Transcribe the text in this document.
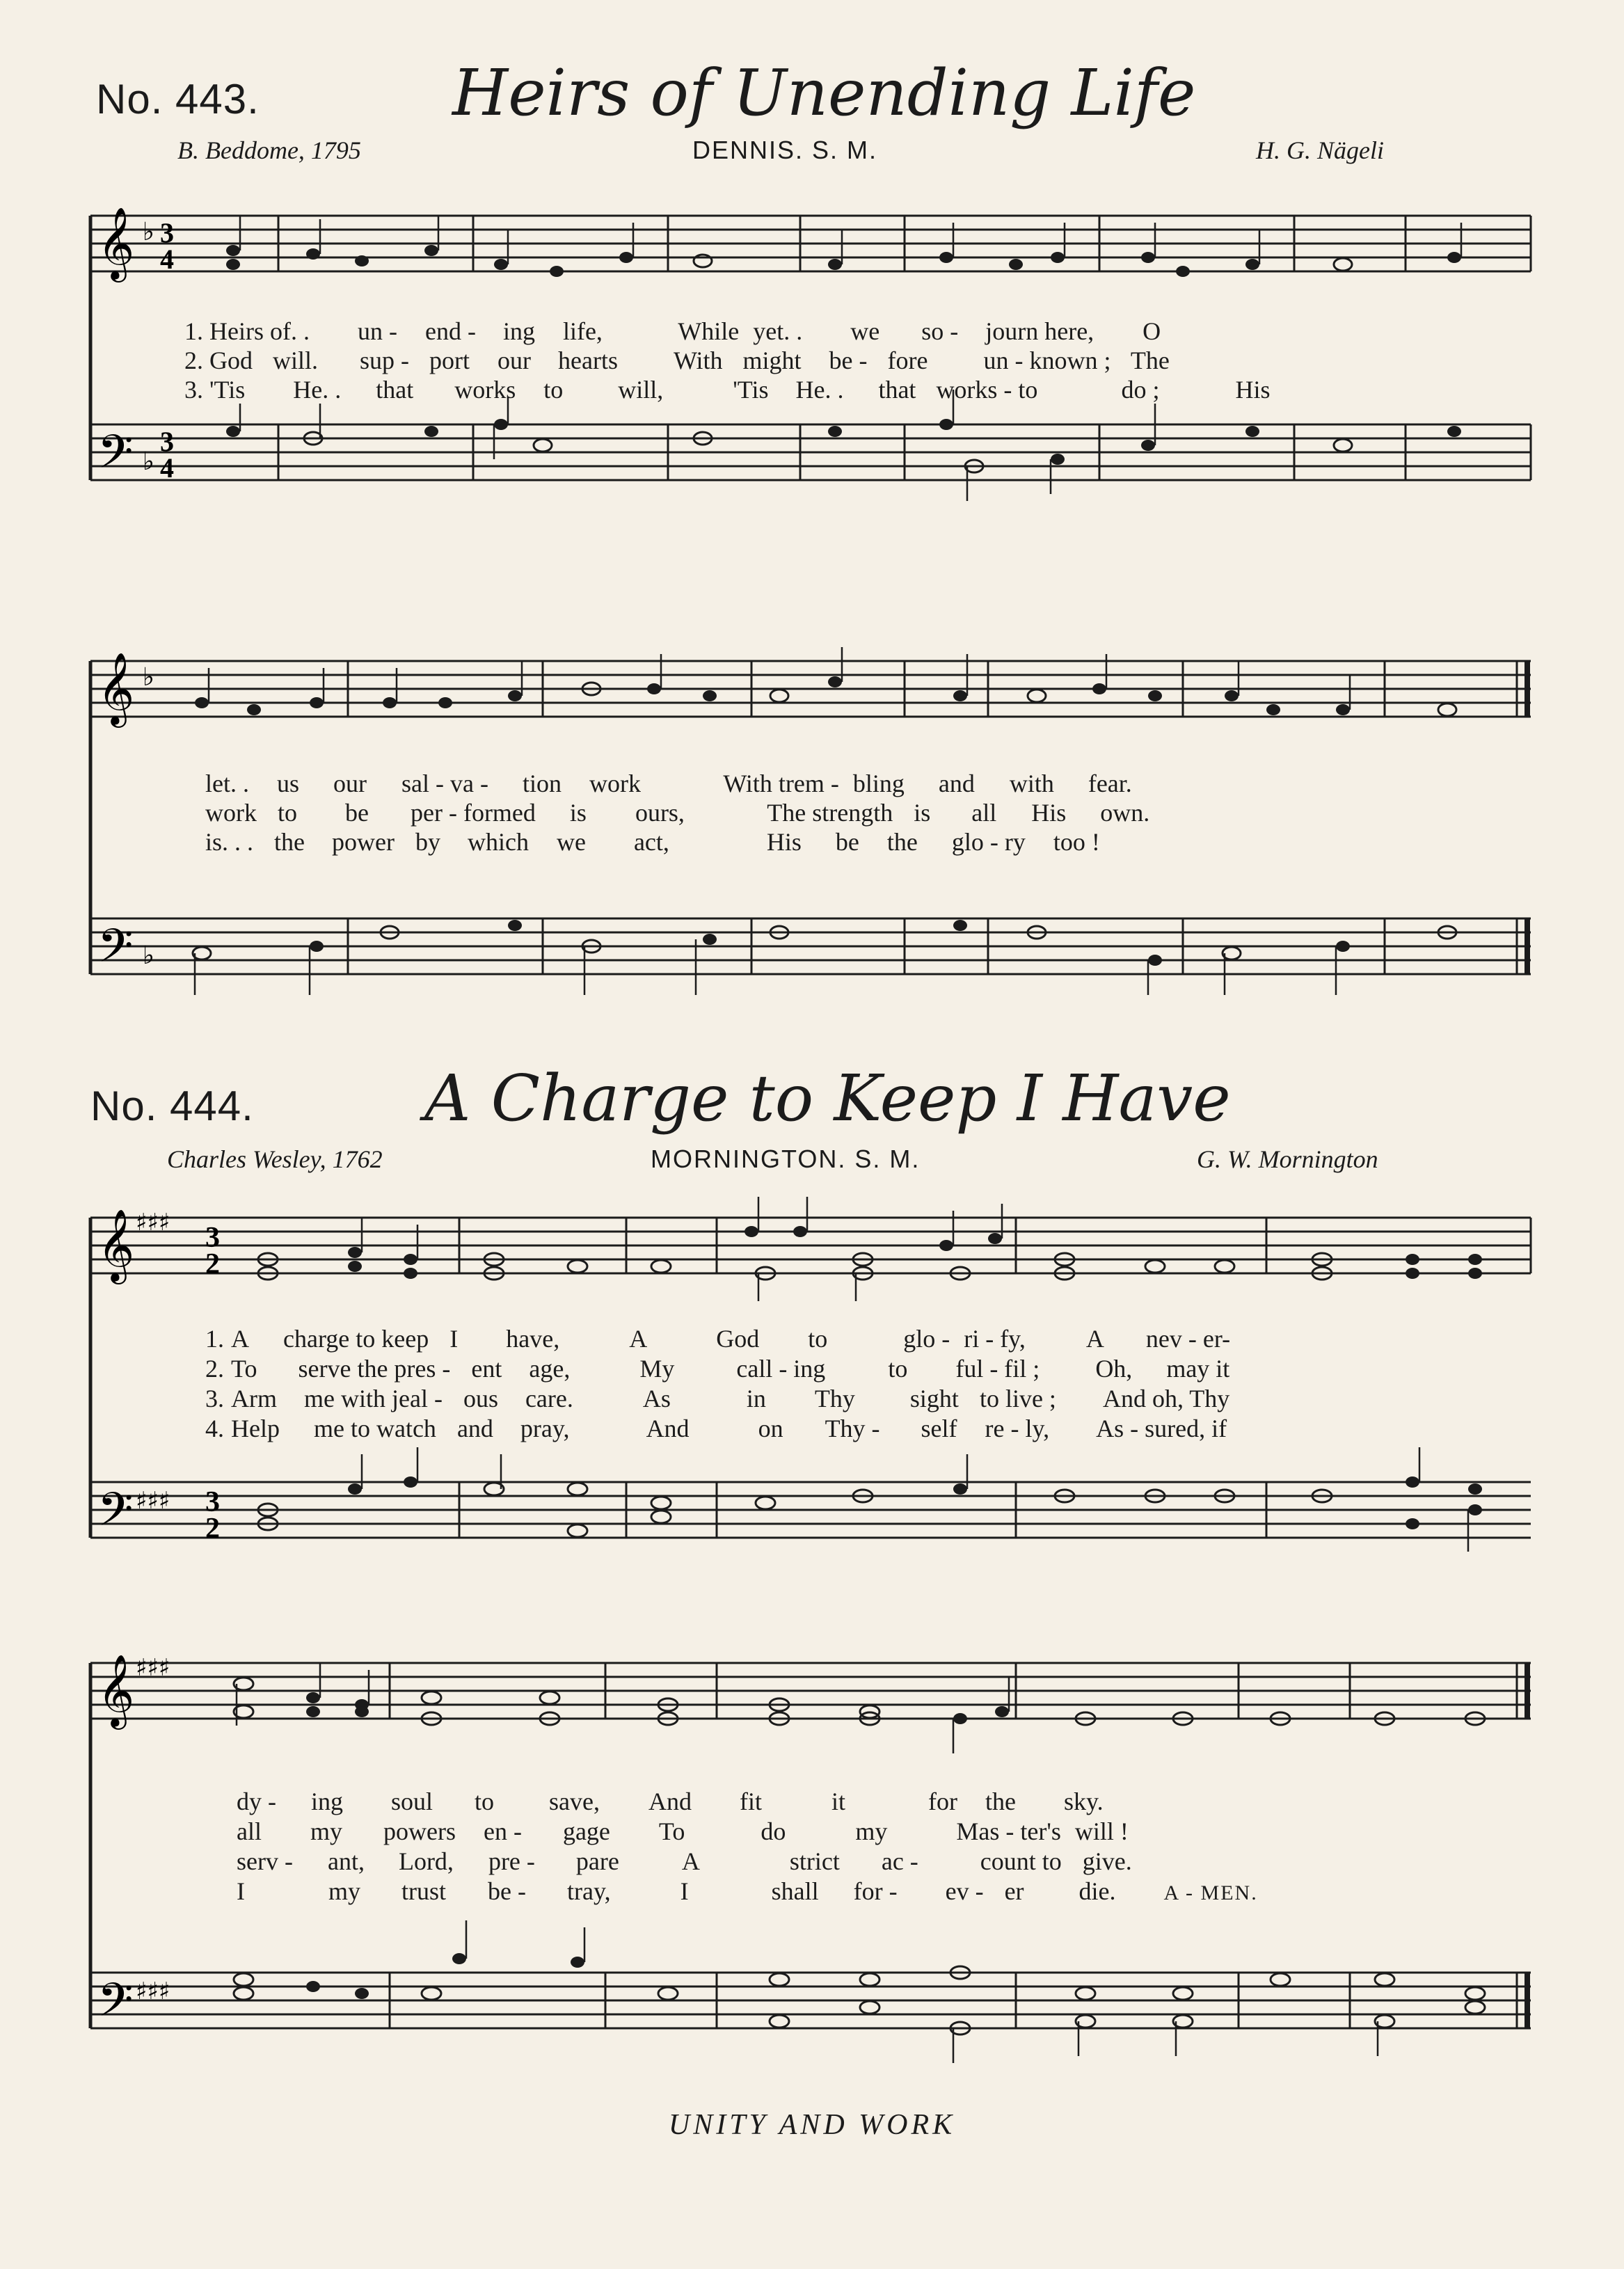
No. 443.	Heirs of Unending Life
B. Beddome, 1795	DENNIS. S. M.	H. G. Nägeli
𝄞
𝄢
♭
♭
3
4
3
4
1. Heirs of. . un - end - ing life,	While yet. . we so - journ here, O
2. God will. sup - port our hearts With might be - fore un - known ; The
3. 'Tis He. . that works to will,	'Tis He. . that works - to	do ;	His
𝄞
𝄢
♭
♭
let. . us our sal - va - tion work	With trem - bling and with fear.
work to be per - formed is ours,	The strength is all His own.
is. . . the power by which we act,	His be the glo - ry too !
No. 444.	A Charge to Keep I Have
Charles Wesley, 1762	MORNINGTON. S. M.	G. W. Mornington
𝄞
𝄢
♯♯♯
♯♯♯
3
2
3
2
1. A charge to keep I have,	A	God to	glo - ri - fy, A nev - er-
2. To serve the pres - ent age,	My call - ing	to ful - fil ; Oh, may it
3. Arm me with jeal - ous care.	As	in Thy sight to live ; And oh, Thy
4. Help me to watch and pray,	And	on Thy - self re - ly, As - sured, if
𝄞
𝄢
♯♯♯
♯♯♯
dy - ing soul to save, And fit	it	for the sky.
all my powers en - gage To	do	my	Mas - ter's will !
serv - ant, Lord, pre - pare	A	strict ac - count to give.
I	my trust be - tray,	I	shall for - ev - er die. A - MEN.
UNITY AND WORK
